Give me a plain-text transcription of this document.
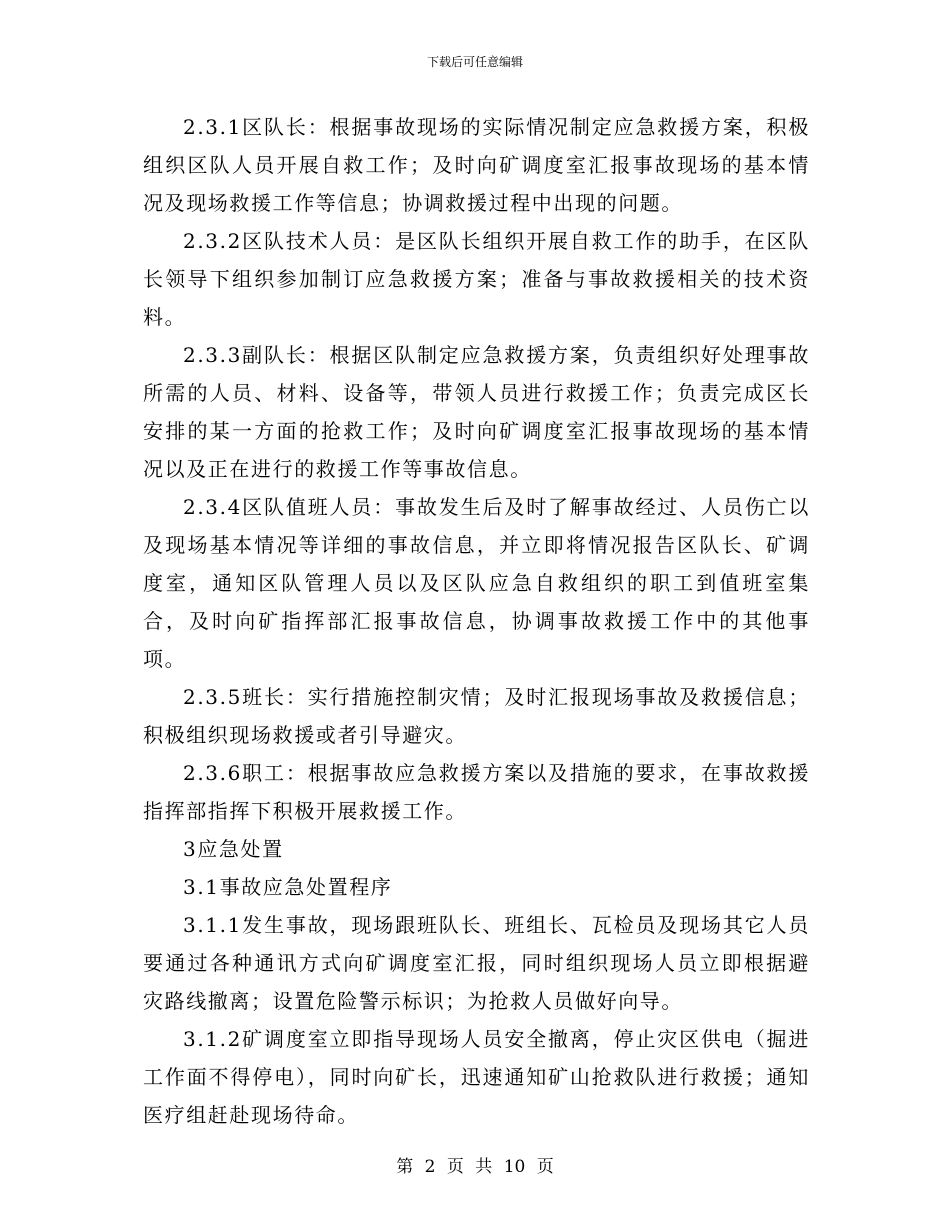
下载后可任意编辑

2.3.1区队长：根据事故现场的实际情况制定应急救援方案，积极组织区队人员开展自救工作；及时向矿调度室汇报事故现场的基本情况及现场救援工作等信息；协调救援过程中出现的问题。

2.3.2区队技术人员：是区队长组织开展自救工作的助手，在区队长领导下组织参加制订应急救援方案；准备与事故救援相关的技术资料。

2.3.3副队长：根据区队制定应急救援方案，负责组织好处理事故所需的人员、材料、设备等，带领人员进行救援工作；负责完成区长安排的某一方面的抢救工作；及时向矿调度室汇报事故现场的基本情况以及正在进行的救援工作等事故信息。

2.3.4区队值班人员：事故发生后及时了解事故经过、人员伤亡以及现场基本情况等详细的事故信息，并立即将情况报告区队长、矿调度室，通知区队管理人员以及区队应急自救组织的职工到值班室集合，及时向矿指挥部汇报事故信息，协调事故救援工作中的其他事项。

2.3.5班长：实行措施控制灾情；及时汇报现场事故及救援信息；积极组织现场救援或者引导避灾。

2.3.6职工：根据事故应急救援方案以及措施的要求，在事故救援指挥部指挥下积极开展救援工作。

3应急处置

3.1事故应急处置程序

3.1.1发生事故，现场跟班队长、班组长、瓦检员及现场其它人员要通过各种通讯方式向矿调度室汇报，同时组织现场人员立即根据避灾路线撤离；设置危险警示标识；为抢救人员做好向导。

3.1.2矿调度室立即指导现场人员安全撤离，停止灾区供电（掘进工作面不得停电），同时向矿长，迅速通知矿山抢救队进行救援；通知医疗组赶赴现场待命。

第 2 页 共 10 页
